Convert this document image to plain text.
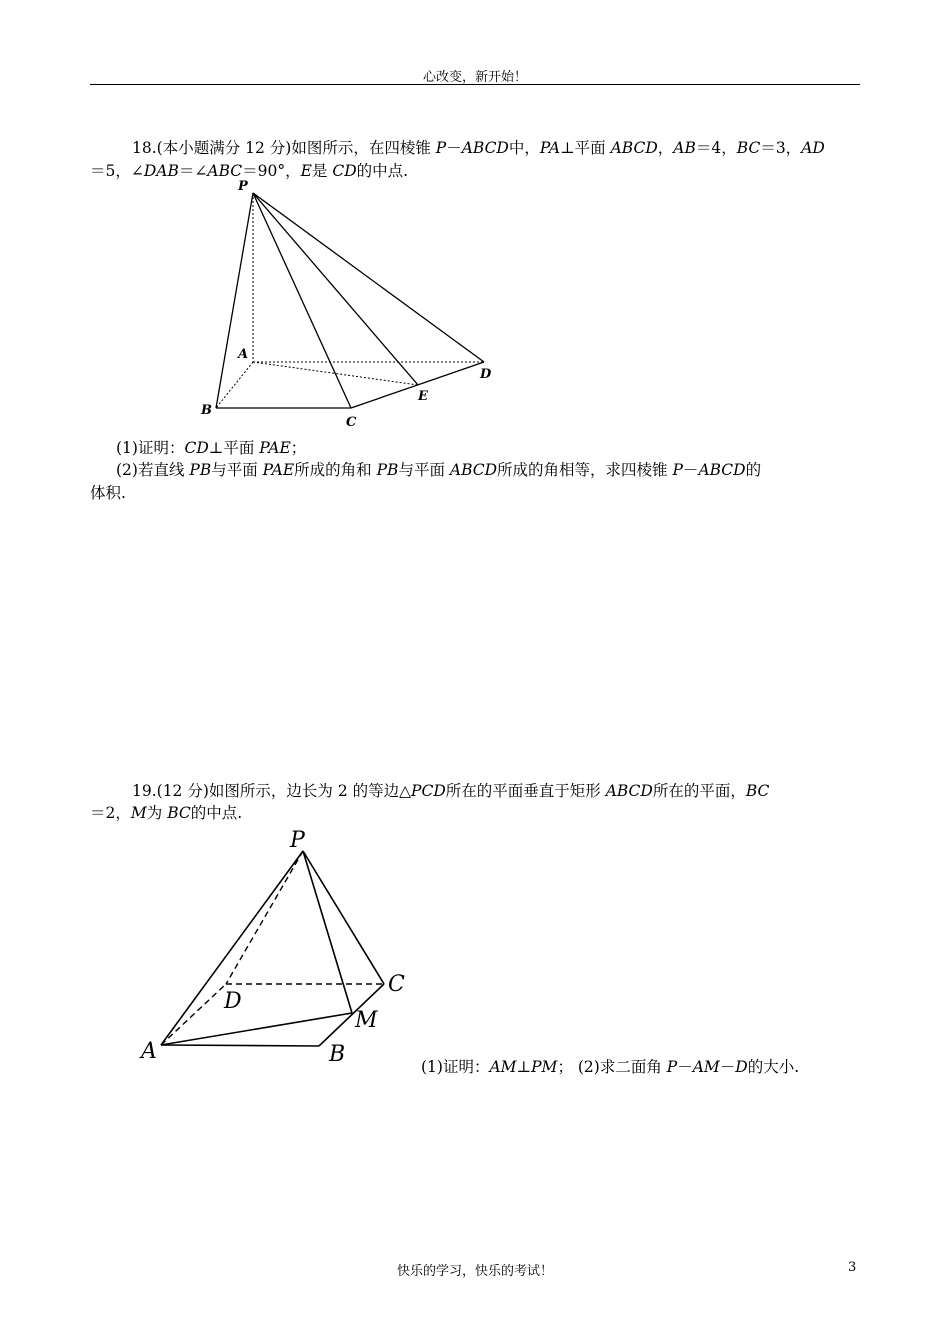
心改变，新开始！
18.(本小题满分 12 分)如图所示，在四棱锥 P－ABCD中，PA⊥平面 ABCD，AB＝4，BC＝3，AD
＝5，∠DAB＝∠ABC＝90°，E是 CD的中点.
P
A
B
C
D
E
(1)证明：CD⊥平面 PAE；
(2)若直线 PB与平面 PAE所成的角和 PB与平面 ABCD所成的角相等，求四棱锥 P－ABCD的
体积.
19.(12 分)如图所示，边长为 2 的等边△PCD所在的平面垂直于矩形 ABCD所在的平面，BC
＝2，M为 BC的中点.
P
D
C
M
A	B	(1)证明：AM⊥PM； (2)求二面角 P－AM－D的大小.
快乐的学习，快乐的考试！	3
